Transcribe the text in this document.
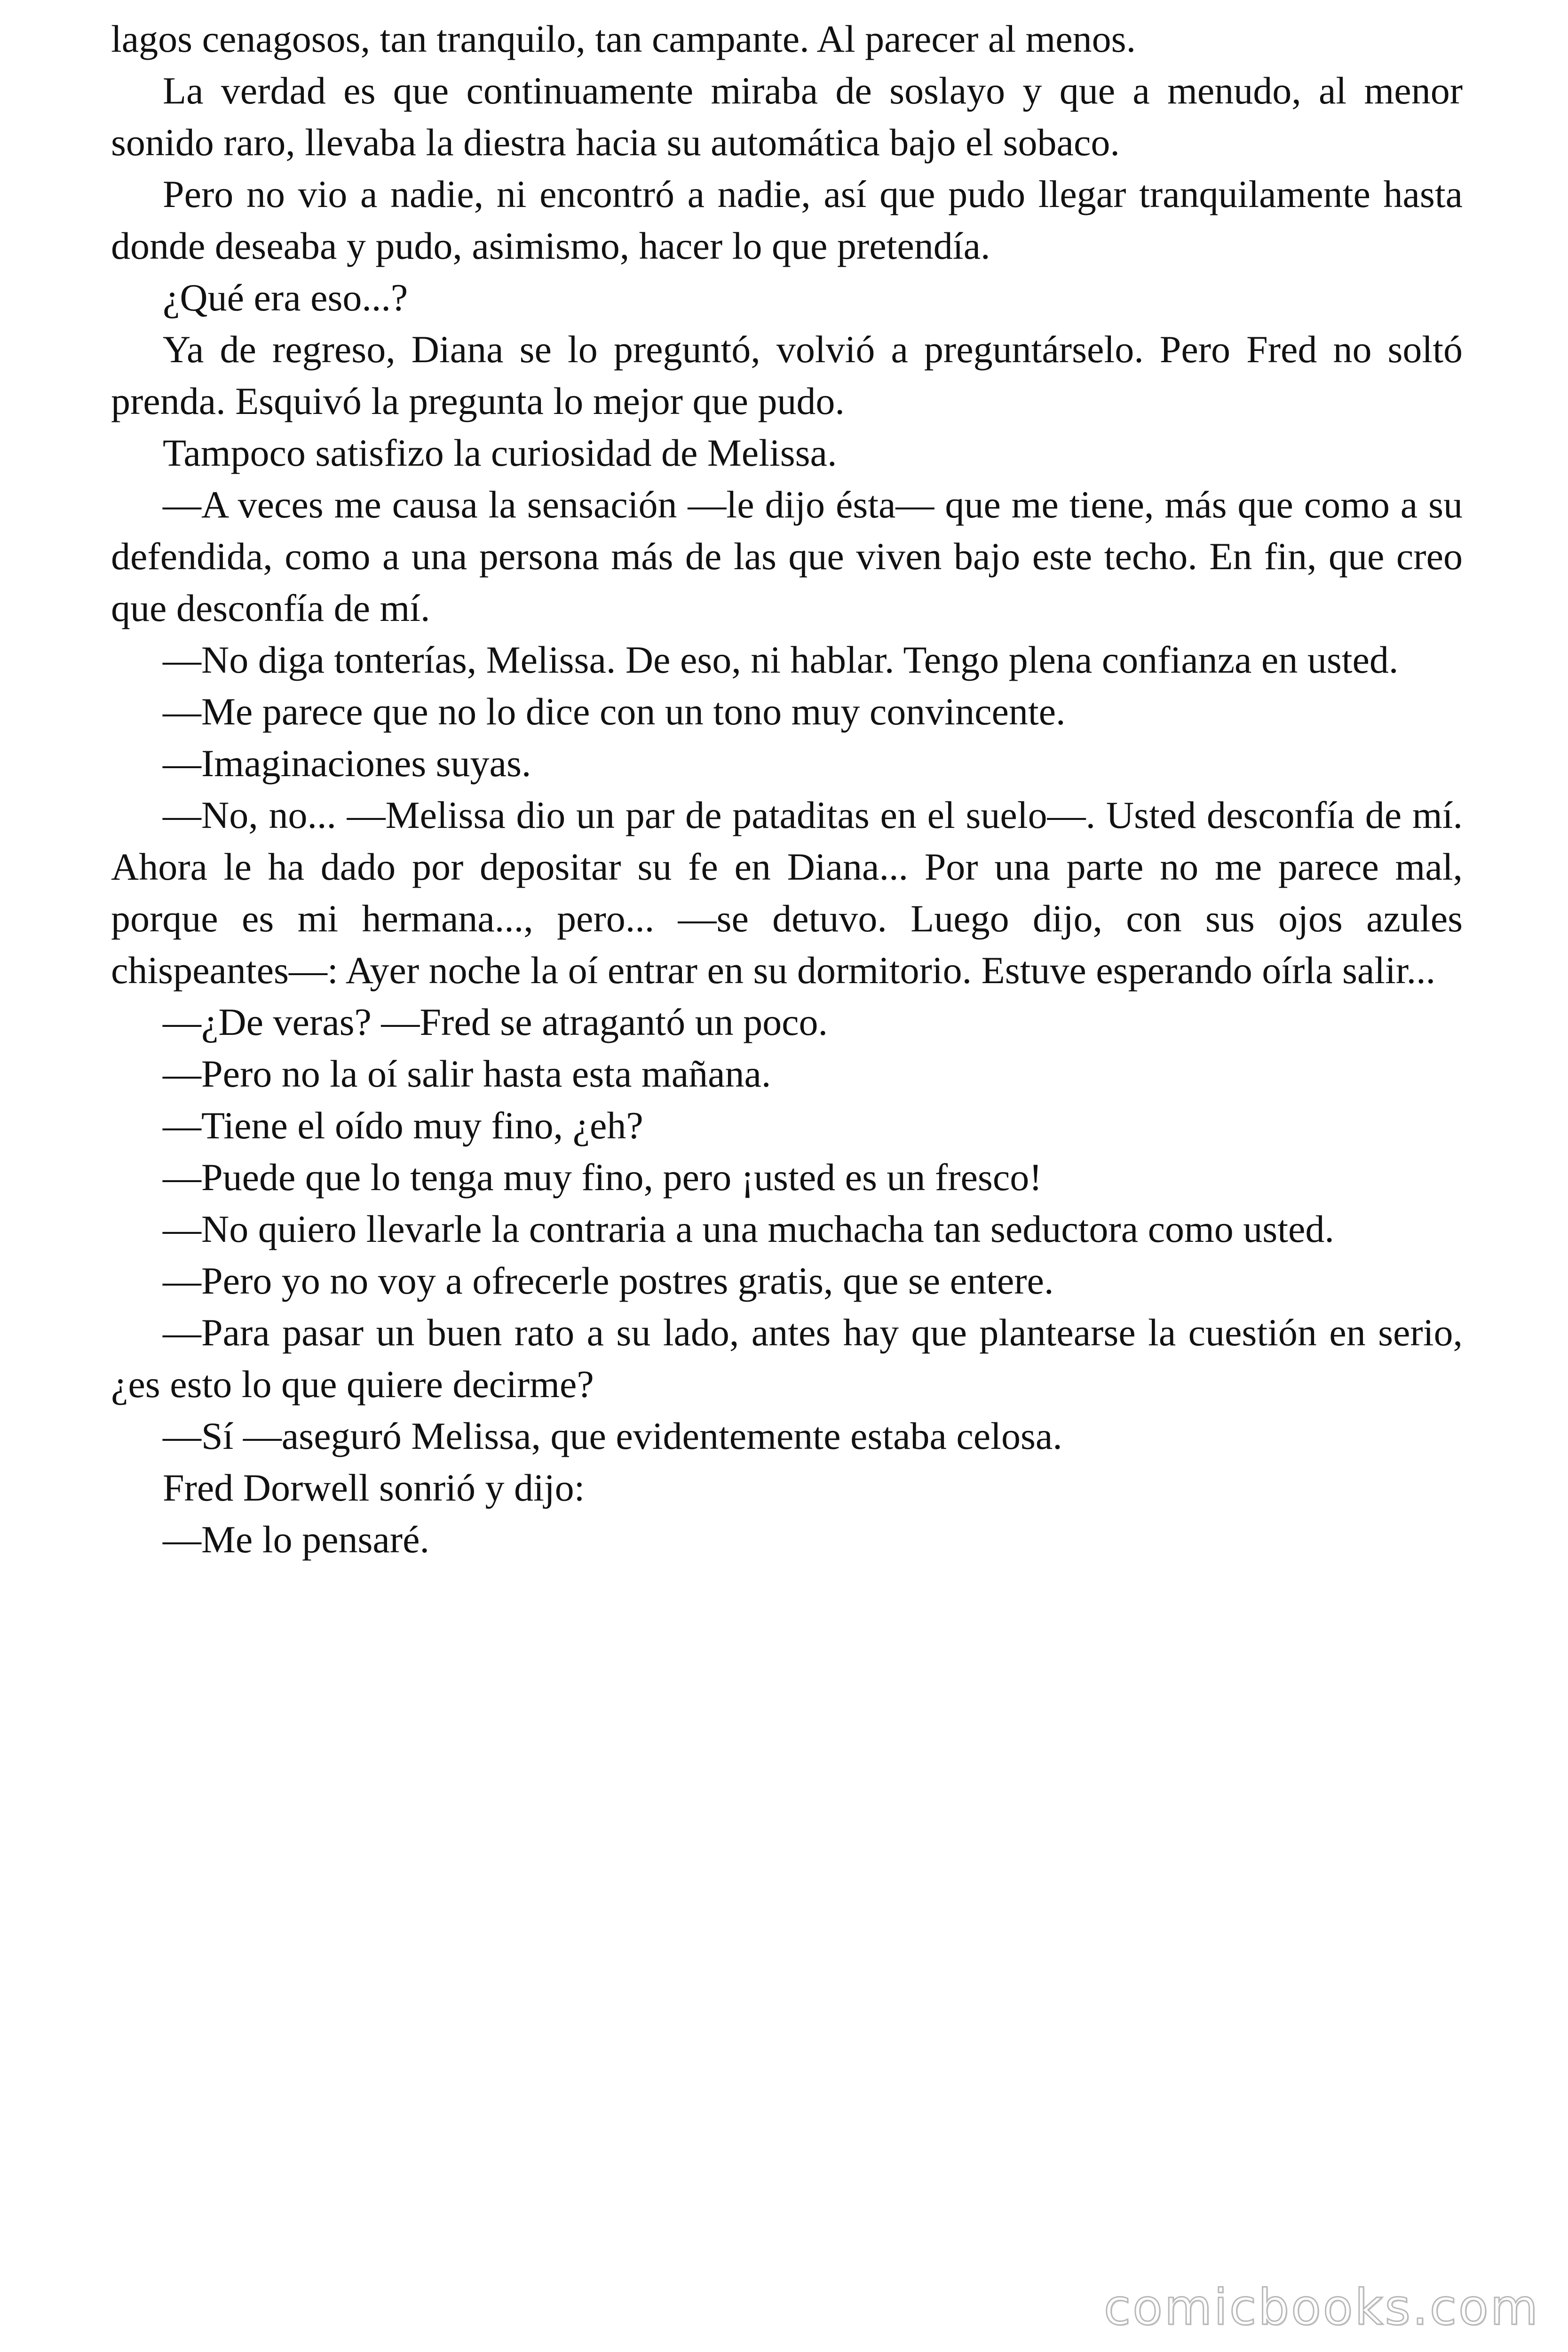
lagos cenagosos, tan tranquilo, tan campante. Al parecer al menos.

La verdad es que continuamente miraba de soslayo y que a menudo, al menor sonido raro, llevaba la diestra hacia su automática bajo el sobaco.

Pero no vio a nadie, ni encontró a nadie, así que pudo llegar tranquilamente hasta donde deseaba y pudo, asimismo, hacer lo que pretendía.

¿Qué era eso...?

Ya de regreso, Diana se lo preguntó, volvió a preguntárselo. Pero Fred no soltó prenda. Esquivó la pregunta lo mejor que pudo.

Tampoco satisfizo la curiosidad de Melissa.

—A veces me causa la sensación —le dijo ésta— que me tiene, más que como a su defendida, como a una persona más de las que viven bajo este techo. En fin, que creo que desconfía de mí.

—No diga tonterías, Melissa. De eso, ni hablar. Tengo plena confianza en usted.

—Me parece que no lo dice con un tono muy convincente.

—Imaginaciones suyas.

—No, no... —Melissa dio un par de pataditas en el suelo—. Usted desconfía de mí. Ahora le ha dado por depositar su fe en Diana... Por una parte no me parece mal, porque es mi hermana..., pero... —se detuvo. Luego dijo, con sus ojos azules chispeantes—: Ayer noche la oí entrar en su dormitorio. Estuve esperando oírla salir...

—¿De veras? —Fred se atragantó un poco.

—Pero no la oí salir hasta esta mañana.

—Tiene el oído muy fino, ¿eh?

—Puede que lo tenga muy fino, pero ¡usted es un fresco!

—No quiero llevarle la contraria a una muchacha tan seductora como usted.

—Pero yo no voy a ofrecerle postres gratis, que se entere.

—Para pasar un buen rato a su lado, antes hay que plantearse la cuestión en serio, ¿es esto lo que quiere decirme?

—Sí —aseguró Melissa, que evidentemente estaba celosa.

Fred Dorwell sonrió y dijo:

—Me lo pensaré.

comicbooks.com
